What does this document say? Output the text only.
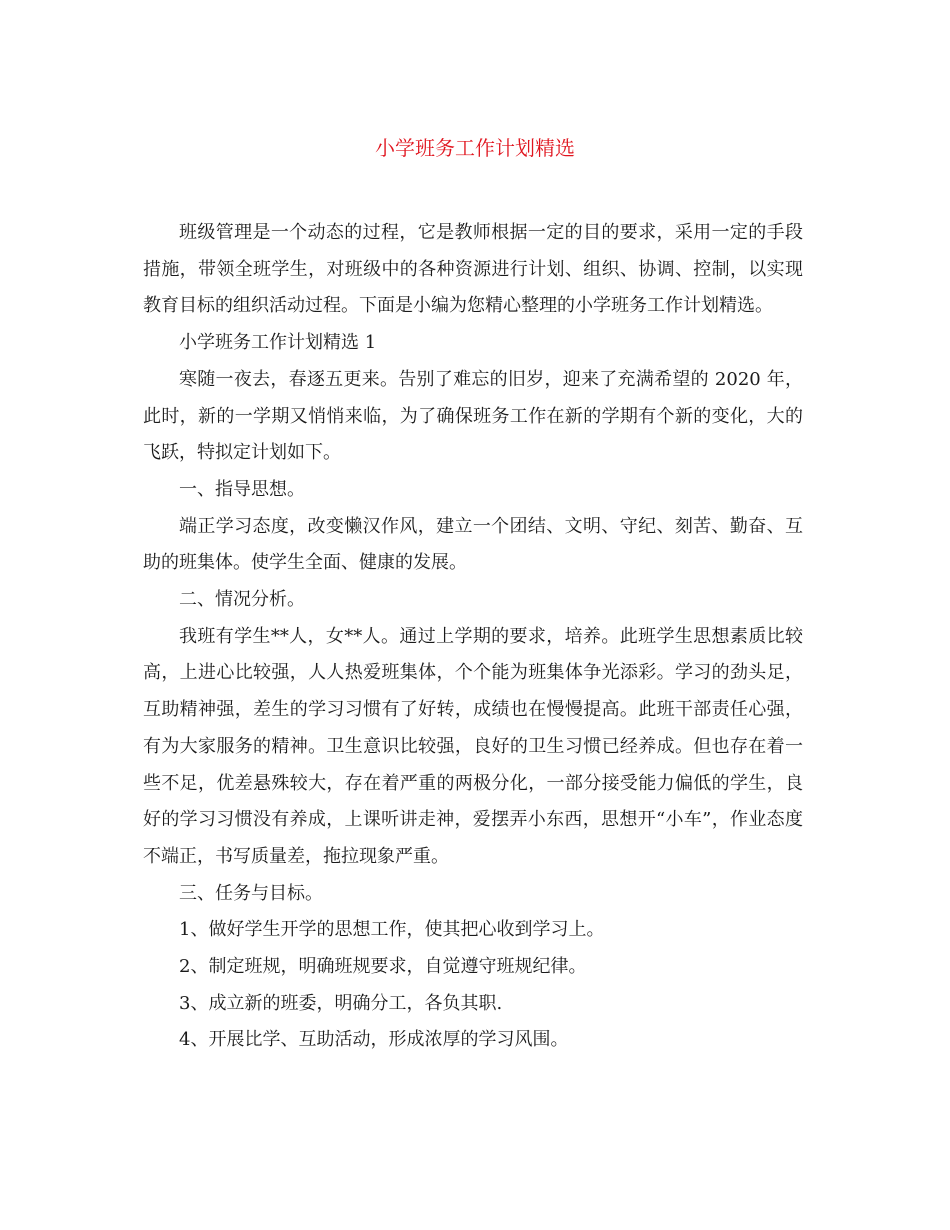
小学班务工作计划精选

班级管理是一个动态的过程，它是教师根据一定的目的要求，采用一定的手段措施，带领全班学生，对班级中的各种资源进行计划、组织、协调、控制，以实现教育目标的组织活动过程。下面是小编为您精心整理的小学班务工作计划精选。

小学班务工作计划精选 1

寒随一夜去，春逐五更来。告别了难忘的旧岁，迎来了充满希望的 2020 年，此时，新的一学期又悄悄来临，为了确保班务工作在新的学期有个新的变化，大的飞跃，特拟定计划如下。

一、指导思想。

端正学习态度，改变懒汉作风，建立一个团结、文明、守纪、刻苦、勤奋、互助的班集体。使学生全面、健康的发展。

二、情况分析。

我班有学生**人，女**人。通过上学期的要求，培养。此班学生思想素质比较高，上进心比较强，人人热爱班集体，个个能为班集体争光添彩。学习的劲头足，互助精神强，差生的学习习惯有了好转，成绩也在慢慢提高。此班干部责任心强，有为大家服务的精神。卫生意识比较强，良好的卫生习惯已经养成。但也存在着一些不足，优差悬殊较大，存在着严重的两极分化，一部分接受能力偏低的学生，良好的学习习惯没有养成，上课听讲走神，爱摆弄小东西，思想开“小车”，作业态度不端正，书写质量差，拖拉现象严重。

三、任务与目标。

1、做好学生开学的思想工作，使其把心收到学习上。

2、制定班规，明确班规要求，自觉遵守班规纪律。

3、成立新的班委，明确分工，各负其职.

4、开展比学、互助活动，形成浓厚的学习风围。
